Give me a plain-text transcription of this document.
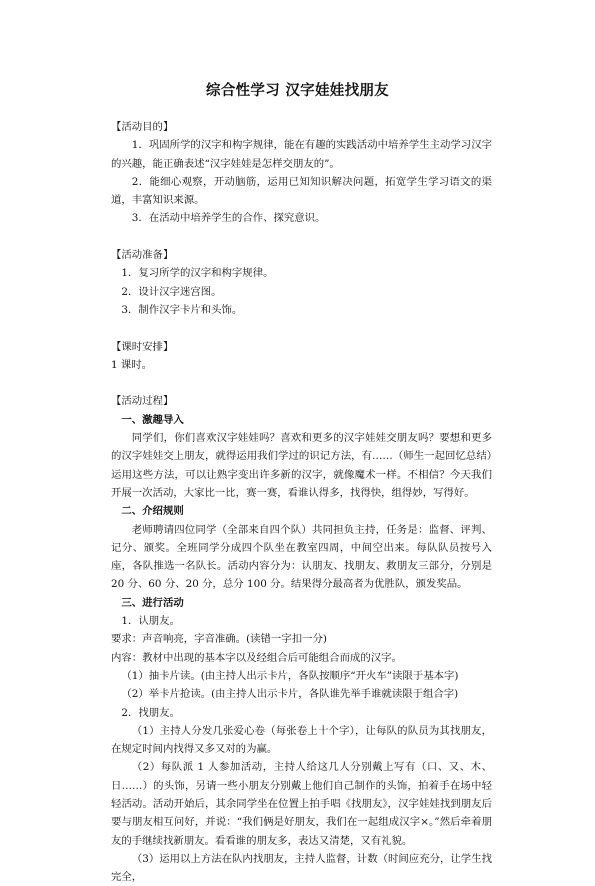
综合性学习 汉字娃娃找朋友

【活动目的】

1．巩固所学的汉字和构字规律，能在有趣的实践活动中培养学生主动学习汉字的兴趣，能正确表述“汉字娃娃是怎样交朋友的”。

2．能细心观察，开动脑筋，运用已知知识解决问题，拓宽学生学习语文的渠道，丰富知识来源。

3．在活动中培养学生的合作、探究意识。

【活动准备】

1．复习所学的汉字和构字规律。

2．设计汉字迷宫图。

3．制作汉字卡片和头饰。

【课时安排】

1 课时。

【活动过程】

一、激趣导入

同学们，你们喜欢汉字娃娃吗？喜欢和更多的汉字娃娃交朋友吗？要想和更多的汉字娃娃交上朋友，就得运用我们学过的识记方法，有……（师生一起回忆总结）运用这些方法，可以让熟字变出许多新的汉字，就像魔术一样。不相信？今天我们开展一次活动，大家比一比，赛一赛，看谁认得多，找得快，组得妙，写得好。

二、介绍规则

老师聘请四位同学（全部来自四个队）共同担负主持，任务是：监督、评判、记分、颁奖。全班同学分成四个队坐在教室四周，中间空出来。每队队员按号入座，各队推选一名队长。活动内容分为：认朋友、找朋友、救朋友三部分，分别是 20 分、60 分、20 分，总分 100 分。结果得分最高者为优胜队，颁发奖品。

三、进行活动

1．认朋友。

要求：声音响亮，字音准确。(读错一字扣一分)

内容：教材中出现的基本字以及经组合后可能组合而成的汉字。

（1）抽卡片读。(由主持人出示卡片，各队按顺序“开火车”读限于基本字)

（2）举卡片抢读。(由主持人出示卡片，各队谁先举手谁就读限于组合字)

2．找朋友。

（1）主持人分发几张爱心卷（每张卷上十个字），让每队的队员为其找朋友，在规定时间内找得又多又对的为赢。

（2）每队派 1 人参加活动，主持人给这几人分别戴上写有（口、又、木、日……）的头饰，另请一些小朋友分别戴上他们自己制作的头饰，拍着手在场中轻轻活动。活动开始后，其余同学坐在位置上拍手唱《找朋友》，汉字娃娃找到朋友后要与朋友相互问好，并说：“我们俩是好朋友，我们在一起组成汉字×。”然后牵着朋友的手继续找新朋友。看看谁的朋友多，表达又清楚，又有礼貌。

（3）运用以上方法在队内找朋友，主持人监督，计数（时间应充分，让学生找完全，
